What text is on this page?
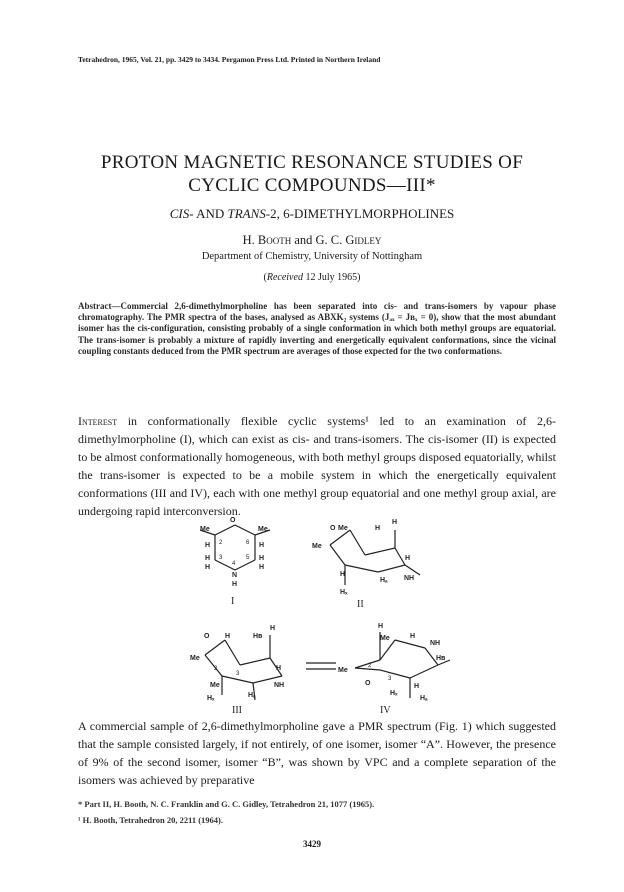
Tetrahedron, 1965, Vol. 21, pp. 3429 to 3434. Pergamon Press Ltd. Printed in Northern Ireland
PROTON MAGNETIC RESONANCE STUDIES OF
CYCLIC COMPOUNDS—III*
CIS- AND TRANS-2, 6-DIMETHYLMORPHOLINES
H. Booth and G. C. Gidley
Department of Chemistry, University of Nottingham
(Received 12 July 1965)
Abstract—Commercial 2,6-dimethylmorpholine has been separated into cis- and trans-isomers by vapour phase chromatography. The PMR spectra of the bases, analysed as ABXK₂ systems (Jₐₓ = Jʙₓ = 0), show that the most abundant isomer has the cis-configuration, consisting probably of a single conformation in which both methyl groups are equatorial. The trans-isomer is probably a mixture of rapidly inverting and energetically equivalent conformations, since the vicinal coupling constants deduced from the PMR spectrum are averages of those expected for the two conformations.
Interest in conformationally flexible cyclic systems¹ led to an examination of 2,6-dimethylmorpholine (I), which can exist as cis- and trans-isomers. The cis-isomer (II) is expected to be almost conformationally homogeneous, with both methyl groups disposed equatorially, whilst the trans-isomer is expected to be a mobile system in which the energetically equivalent conformations (III and IV), each with one methyl group equatorial and one methyl group axial, are undergoing rapid interconversion.
Me
O
Me
2	6
3	5
H	H
H
H
H
H
4
N
H
I
O Me	H
H
Me
H
H
Hₓ
Hₐ NH
II
O H	Hʙ
H
Me
2
3
H
Me
Hₓ	Hₐ
NH
III
H
Me	H
NH
Hʙ
Me
2
3
O
Hₓ
H
Hₐ
IV
A commercial sample of 2,6-dimethylmorpholine gave a PMR spectrum (Fig. 1) which suggested that the sample consisted largely, if not entirely, of one isomer, isomer “A”. However, the presence of 9% of the second isomer, isomer “B”, was shown by VPC and a complete separation of the isomers was achieved by preparative
* Part II, H. Booth, N. C. Franklin and G. C. Gidley, Tetrahedron 21, 1077 (1965).
¹ H. Booth, Tetrahedron 20, 2211 (1964).
3429
